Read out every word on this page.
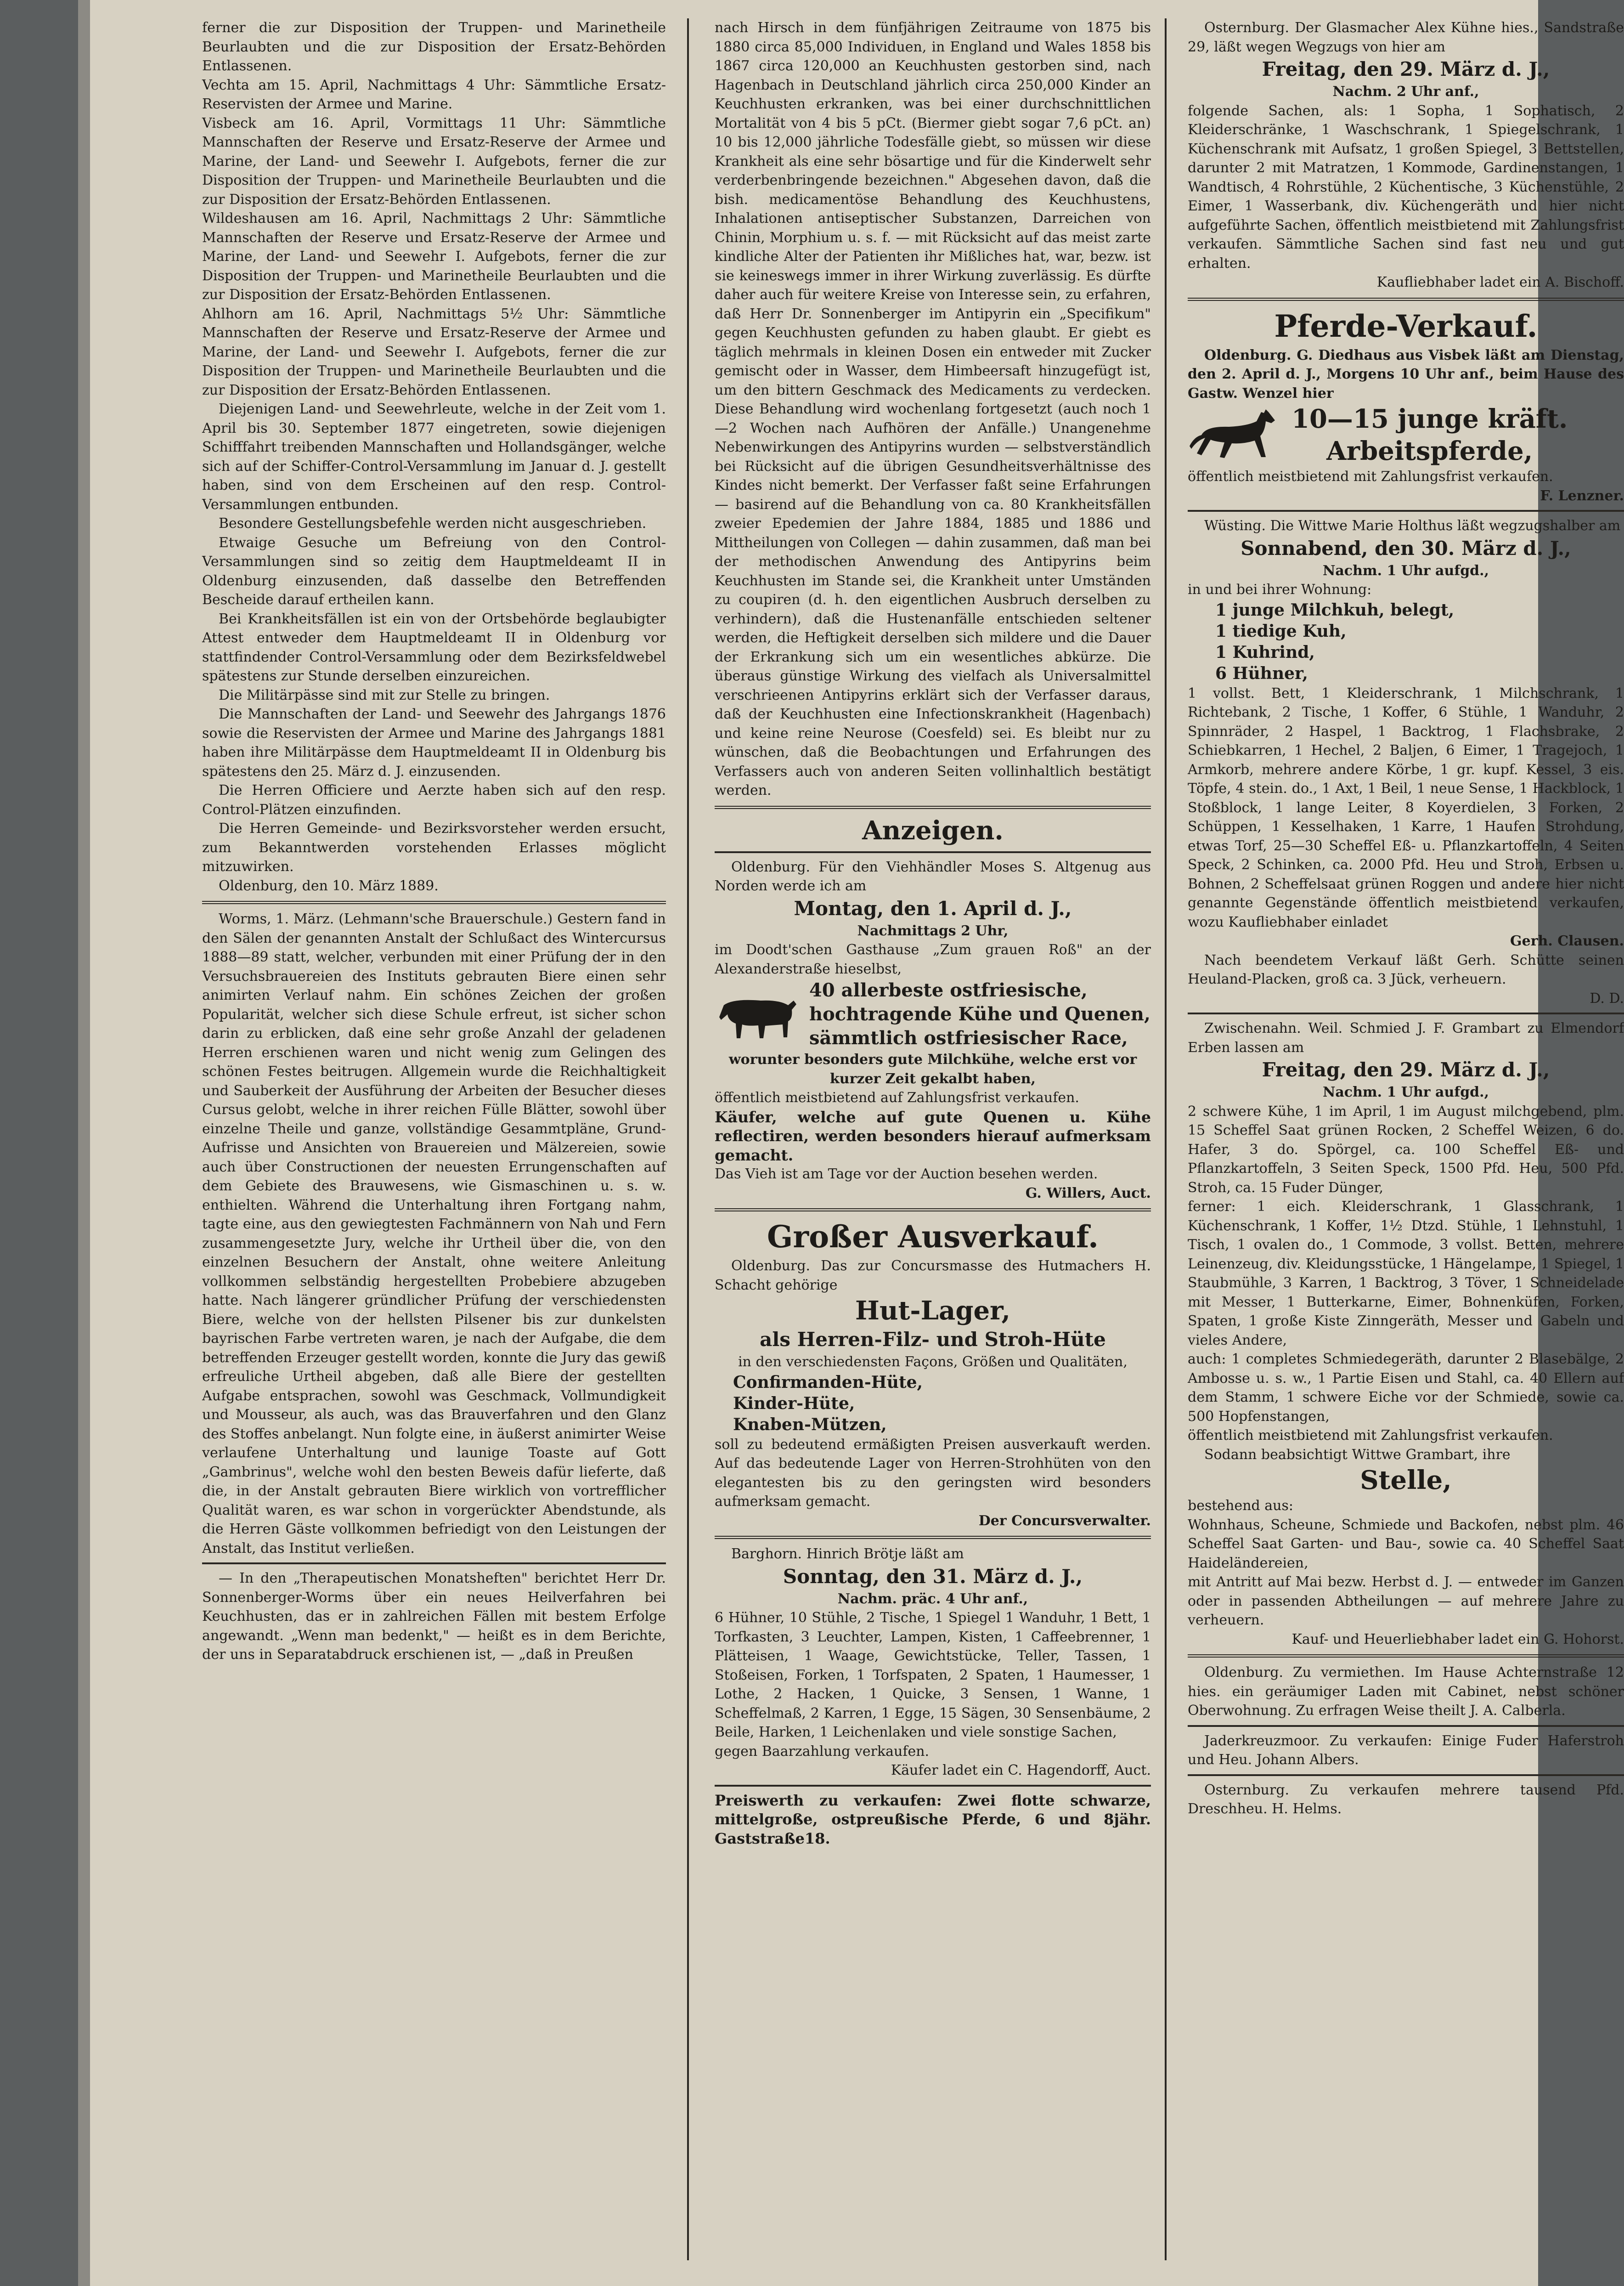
ferner die zur Disposition der Truppen- und Marinetheile Beurlaubten und die zur Disposition der Ersatz-Behörden Entlassenen.

Vechta am 15. April, Nachmittags 4 Uhr: Sämmtliche Ersatz-Reservisten der Armee und Marine.

Visbeck am 16. April, Vormittags 11 Uhr: Sämmtliche Mannschaften der Reserve und Ersatz-Reserve der Armee und Marine, der Land- und Seewehr I. Aufgebots, ferner die zur Disposition der Truppen- und Marinetheile Beurlaubten und die zur Disposition der Ersatz-Behörden Entlassenen.

Wildeshausen am 16. April, Nachmittags 2 Uhr: Sämmtliche Mannschaften der Reserve und Ersatz-Reserve der Armee und Marine, der Land- und Seewehr I. Aufgebots, ferner die zur Disposition der Truppen- und Marinetheile Beurlaubten und die zur Disposition der Ersatz-Behörden Entlassenen.

Ahlhorn am 16. April, Nachmittags 5½ Uhr: Sämmtliche Mannschaften der Reserve und Ersatz-Reserve der Armee und Marine, der Land- und Seewehr I. Aufgebots, ferner die zur Disposition der Truppen- und Marinetheile Beurlaubten und die zur Disposition der Ersatz-Behörden Entlassenen.

Diejenigen Land- und Seewehrleute, welche in der Zeit vom 1. April bis 30. September 1877 eingetreten, sowie diejenigen Schifffahrt treibenden Mannschaften und Hollandsgänger, welche sich auf der Schiffer-Control-Versammlung im Januar d. J. gestellt haben, sind von dem Erscheinen auf den resp. Control-Versammlungen entbunden.

Besondere Gestellungsbefehle werden nicht ausgeschrieben.

Etwaige Gesuche um Befreiung von den Control-Versammlungen sind so zeitig dem Hauptmeldeamt II in Oldenburg einzusenden, daß dasselbe den Betreffenden Bescheide darauf ertheilen kann.

Bei Krankheitsfällen ist ein von der Ortsbehörde beglaubigter Attest entweder dem Hauptmeldeamt II in Oldenburg vor stattfindender Control-Versammlung oder dem Bezirksfeldwebel spätestens zur Stunde derselben einzureichen.

Die Militärpässe sind mit zur Stelle zu bringen.

Die Mannschaften der Land- und Seewehr des Jahrgangs 1876 sowie die Reservisten der Armee und Marine des Jahrgangs 1881 haben ihre Militärpässe dem Hauptmeldeamt II in Oldenburg bis spätestens den 25. März d. J. einzusenden.

Die Herren Officiere und Aerzte haben sich auf den resp. Control-Plätzen einzufinden.

Die Herren Gemeinde- und Bezirksvorsteher werden ersucht, zum Bekanntwerden vorstehenden Erlasses möglicht mitzuwirken.

Oldenburg, den 10. März 1889.

Worms, 1. März. (Lehmann'sche Brauerschule.) Gestern fand in den Sälen der genannten Anstalt der Schlußact des Wintercursus 1888—89 statt, welcher, verbunden mit einer Prüfung der in den Versuchsbrauereien des Instituts gebrauten Biere einen sehr animirten Verlauf nahm. Ein schönes Zeichen der großen Popularität, welcher sich diese Schule erfreut, ist sicher schon darin zu erblicken, daß eine sehr große Anzahl der geladenen Herren erschienen waren und nicht wenig zum Gelingen des schönen Festes beitrugen. Allgemein wurde die Reichhaltigkeit und Sauberkeit der Ausführung der Arbeiten der Besucher dieses Cursus gelobt, welche in ihrer reichen Fülle Blätter, sowohl über einzelne Theile und ganze, vollständige Gesammtpläne, Grund-Aufrisse und Ansichten von Brauereien und Mälzereien, sowie auch über Constructionen der neuesten Errungenschaften auf dem Gebiete des Brauwesens, wie Gismaschinen u. s. w. enthielten. Während die Unterhaltung ihren Fortgang nahm, tagte eine, aus den gewiegtesten Fachmännern von Nah und Fern zusammengesetzte Jury, welche ihr Urtheil über die, von den einzelnen Besuchern der Anstalt, ohne weitere Anleitung vollkommen selbständig hergestellten Probebiere abzugeben hatte. Nach längerer gründlicher Prüfung der verschiedensten Biere, welche von der hellsten Pilsener bis zur dunkelsten bayrischen Farbe vertreten waren, je nach der Aufgabe, die dem betreffenden Erzeuger gestellt worden, konnte die Jury das gewiß erfreuliche Urtheil abgeben, daß alle Biere der gestellten Aufgabe entsprachen, sowohl was Geschmack, Vollmundigkeit und Mousseur, als auch, was das Brauverfahren und den Glanz des Stoffes anbelangt. Nun folgte eine, in äußerst animirter Weise verlaufene Unterhaltung und launige Toaste auf Gott „Gambrinus", welche wohl den besten Beweis dafür lieferte, daß die, in der Anstalt gebrauten Biere wirklich von vortrefflicher Qualität waren, es war schon in vorgerückter Abendstunde, als die Herren Gäste vollkommen befriedigt von den Leistungen der Anstalt, das Institut verließen.

— In den „Therapeutischen Monatsheften" berichtet Herr Dr. Sonnenberger-Worms über ein neues Heilverfahren bei Keuchhusten, das er in zahlreichen Fällen mit bestem Erfolge angewandt. „Wenn man bedenkt," — heißt es in dem Berichte, der uns in Separatabdruck erschienen ist, — „daß in Preußen

nach Hirsch in dem fünfjährigen Zeitraume von 1875 bis 1880 circa 85,000 Individuen, in England und Wales 1858 bis 1867 circa 120,000 an Keuchhusten gestorben sind, nach Hagenbach in Deutschland jährlich circa 250,000 Kinder an Keuchhusten erkranken, was bei einer durchschnittlichen Mortalität von 4 bis 5 pCt. (Biermer giebt sogar 7,6 pCt. an) 10 bis 12,000 jährliche Todesfälle giebt, so müssen wir diese Krankheit als eine sehr bösartige und für die Kinderwelt sehr verderbenbringende bezeichnen." Abgesehen davon, daß die bish. medicamentöse Behandlung des Keuchhustens, Inhalationen antiseptischer Substanzen, Darreichen von Chinin, Morphium u. s. f. — mit Rücksicht auf das meist zarte kindliche Alter der Patienten ihr Mißliches hat, war, bezw. ist sie keineswegs immer in ihrer Wirkung zuverlässig. Es dürfte daher auch für weitere Kreise von Interesse sein, zu erfahren, daß Herr Dr. Sonnenberger im Antipyrin ein „Specifikum" gegen Keuchhusten gefunden zu haben glaubt. Er giebt es täglich mehrmals in kleinen Dosen ein entweder mit Zucker gemischt oder in Wasser, dem Himbeersaft hinzugefügt ist, um den bittern Geschmack des Medicaments zu verdecken. Diese Behandlung wird wochenlang fortgesetzt (auch noch 1—2 Wochen nach Aufhören der Anfälle.) Unangenehme Nebenwirkungen des Antipyrins wurden — selbstverständlich bei Rücksicht auf die übrigen Gesundheitsverhältnisse des Kindes nicht bemerkt. Der Verfasser faßt seine Erfahrungen — basirend auf die Behandlung von ca. 80 Krankheitsfällen zweier Epedemien der Jahre 1884, 1885 und 1886 und Mittheilungen von Collegen — dahin zusammen, daß man bei der methodischen Anwendung des Antipyrins beim Keuchhusten im Stande sei, die Krankheit unter Umständen zu coupiren (d. h. den eigentlichen Ausbruch derselben zu verhindern), daß die Hustenanfälle entschieden seltener werden, die Heftigkeit derselben sich mildere und die Dauer der Erkrankung sich um ein wesentliches abkürze. Die überaus günstige Wirkung des vielfach als Universalmittel verschrieenen Antipyrins erklärt sich der Verfasser daraus, daß der Keuchhusten eine Infectionskrankheit (Hagenbach) und keine reine Neurose (Coesfeld) sei. Es bleibt nur zu wünschen, daß die Beobachtungen und Erfahrungen des Verfassers auch von anderen Seiten vollinhaltlich bestätigt werden.

Anzeigen.

Oldenburg. Für den Viehhändler Moses S. Altgenug aus Norden werde ich am

Montag, den 1. April d. J.,

Nachmittags 2 Uhr,

im Doodt'schen Gasthause „Zum grauen Roß" an der Alexanderstraße hieselbst,

40 allerbeste ostfriesische, hochtragende Kühe und Quenen, sämmtlich ostfriesischer Race,

worunter besonders gute Milchkühe, welche erst vor kurzer Zeit gekalbt haben,

öffentlich meistbietend auf Zahlungsfrist verkaufen.

Käufer, welche auf gute Quenen u. Kühe reflectiren, werden besonders hierauf aufmerksam gemacht.

Das Vieh ist am Tage vor der Auction besehen werden.

G. Willers, Auct.

Großer Ausverkauf.

Oldenburg. Das zur Concursmasse des Hutmachers H. Schacht gehörige

Hut-Lager,
als Herren-Filz- und Stroh-Hüte

in den verschiedensten Façons, Größen und Qualitäten,

Confirmanden-Hüte,
Kinder-Hüte,
Knaben-Mützen,

soll zu bedeutend ermäßigten Preisen ausverkauft werden. Auf das bedeutende Lager von Herren-Strohhüten von den elegantesten bis zu den geringsten wird besonders aufmerksam gemacht.

Der Concursverwalter.

Barghorn. Hinrich Brötje läßt am

Sonntag, den 31. März d. J.,

Nachm. präc. 4 Uhr anf.,

6 Hühner, 10 Stühle, 2 Tische, 1 Spiegel 1 Wanduhr, 1 Bett, 1 Torfkasten, 3 Leuchter, Lampen, Kisten, 1 Caffeebrenner, 1 Plätteisen, 1 Waage, Gewichtstücke, Teller, Tassen, 1 Stoßeisen, Forken, 1 Torfspaten, 2 Spaten, 1 Haumesser, 1 Lothe, 2 Hacken, 1 Quicke, 3 Sensen, 1 Wanne, 1 Scheffelmaß, 2 Karren, 1 Egge, 15 Sägen, 30 Sensenbäume, 2 Beile, Harken, 1 Leichenlaken und viele sonstige Sachen,

gegen Baarzahlung verkaufen.

Käufer ladet ein C. Hagendorff, Auct.

Preiswerth zu verkaufen: Zwei flotte schwarze, mittelgroße, ostpreußische Pferde, 6 und 8jähr. Gaststraße18.

Osternburg. Der Glasmacher Alex Kühne hies., Sandstraße 29, läßt wegen Wegzugs von hier am

Freitag, den 29. März d. J.,

Nachm. 2 Uhr anf.,

folgende Sachen, als: 1 Sopha, 1 Sophatisch, 2 Kleiderschränke, 1 Waschschrank, 1 Spiegelschrank, 1 Küchenschrank mit Aufsatz, 1 großen Spiegel, 3 Bettstellen, darunter 2 mit Matratzen, 1 Kommode, Gardinenstangen, 1 Wandtisch, 4 Rohrstühle, 2 Küchentische, 3 Küchenstühle, 2 Eimer, 1 Wasserbank, div. Küchengeräth und hier nicht aufgeführte Sachen, öffentlich meistbietend mit Zahlungsfrist verkaufen. Sämmtliche Sachen sind fast neu und gut erhalten.

Kaufliebhaber ladet ein A. Bischoff.

Pferde-Verkauf.

Oldenburg. G. Diedhaus aus Visbek läßt am Dienstag, den 2. April d. J., Morgens 10 Uhr anf., beim Hause des Gastw. Wenzel hier

10—15 junge kräft.
Arbeitspferde,

öffentlich meistbietend mit Zahlungsfrist verkaufen.

F. Lenzner.

Wüsting. Die Wittwe Marie Holthus läßt wegzugshalber am

Sonnabend, den 30. März d. J.,

Nachm. 1 Uhr aufgd.,

in und bei ihrer Wohnung:

1 junge Milchkuh, belegt,
1 tiedige Kuh,
1 Kuhrind,
6 Hühner,

1 vollst. Bett, 1 Kleiderschrank, 1 Milchschrank, 1 Richtebank, 2 Tische, 1 Koffer, 6 Stühle, 1 Wanduhr, 2 Spinnräder, 2 Haspel, 1 Backtrog, 1 Flachsbrake, 2 Schiebkarren, 1 Hechel, 2 Baljen, 6 Eimer, 1 Tragejoch, 1 Armkorb, mehrere andere Körbe, 1 gr. kupf. Kessel, 3 eis. Töpfe, 4 stein. do., 1 Axt, 1 Beil, 1 neue Sense, 1 Hackblock, 1 Stoßblock, 1 lange Leiter, 8 Koyerdielen, 3 Forken, 2 Schüppen, 1 Kesselhaken, 1 Karre, 1 Haufen Strohdung, etwas Torf, 25—30 Scheffel Eß- u. Pflanzkartoffeln, 4 Seiten Speck, 2 Schinken, ca. 2000 Pfd. Heu und Stroh, Erbsen u. Bohnen, 2 Scheffelsaat grünen Roggen und andere hier nicht genannte Gegenstände öffentlich meistbietend verkaufen, wozu Kaufliebhaber einladet

Gerh. Clausen.

Nach beendetem Verkauf läßt Gerh. Schütte seinen Heuland-Placken, groß ca. 3 Jück, verheuern.

D. D.

Zwischenahn. Weil. Schmied J. F. Grambart zu Elmendorf Erben lassen am

Freitag, den 29. März d. J.,

Nachm. 1 Uhr aufgd.,

2 schwere Kühe, 1 im April, 1 im August milchgebend, plm. 15 Scheffel Saat grünen Rocken, 2 Scheffel Weizen, 6 do. Hafer, 3 do. Spörgel, ca. 100 Scheffel Eß- und Pflanzkartoffeln, 3 Seiten Speck, 1500 Pfd. Heu, 500 Pfd. Stroh, ca. 15 Fuder Dünger,

ferner: 1 eich. Kleiderschrank, 1 Glasschrank, 1 Küchenschrank, 1 Koffer, 1½ Dtzd. Stühle, 1 Lehnstuhl, 1 Tisch, 1 ovalen do., 1 Commode, 3 vollst. Betten, mehrere Leinenzeug, div. Kleidungsstücke, 1 Hängelampe, 1 Spiegel, 1 Staubmühle, 3 Karren, 1 Backtrog, 3 Töver, 1 Schneidelade mit Messer, 1 Butterkarne, Eimer, Bohnenküfen, Forken, Spaten, 1 große Kiste Zinngeräth, Messer und Gabeln und vieles Andere,

auch: 1 completes Schmiedegeräth, darunter 2 Blasebälge, 2 Ambosse u. s. w., 1 Partie Eisen und Stahl, ca. 40 Ellern auf dem Stamm, 1 schwere Eiche vor der Schmiede, sowie ca. 500 Hopfenstangen,

öffentlich meistbietend mit Zahlungsfrist verkaufen.

Sodann beabsichtigt Wittwe Grambart, ihre

Stelle,

bestehend aus:

Wohnhaus, Scheune, Schmiede und Backofen, nebst plm. 46 Scheffel Saat Garten- und Bau-, sowie ca. 40 Scheffel Saat Haideländereien,

mit Antritt auf Mai bezw. Herbst d. J. — entweder im Ganzen oder in passenden Abtheilungen — auf mehrere Jahre zu verheuern.

Kauf- und Heuerliebhaber ladet ein G. Hohorst.

Oldenburg. Zu vermiethen. Im Hause Achternstraße 12 hies. ein geräumiger Laden mit Cabinet, nebst schöner Oberwohnung. Zu erfragen Weise theilt J. A. Calberla.

Jaderkreuzmoor. Zu verkaufen: Einige Fuder Haferstroh und Heu. Johann Albers.

Osternburg. Zu verkaufen mehrere tausend Pfd. Dreschheu. H. Helms.
